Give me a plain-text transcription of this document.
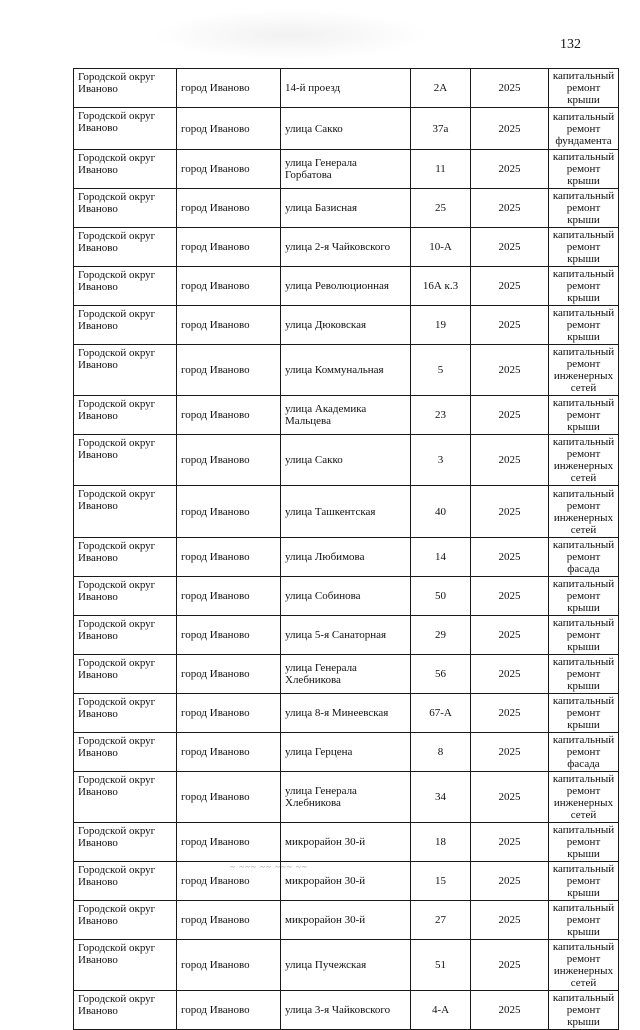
132
Городской округ Иваново	город Иваново	14-й проезд	2А	2025	капитальный ремонт крыши
Городской округ Иваново	город Иваново	улица Сакко	37а	2025	капитальный ремонт фундамента
Городской округ Иваново	город Иваново	улица Генерала Горбатова	11	2025	капитальный ремонт крыши
Городской округ Иваново	город Иваново	улица Базисная	25	2025	капитальный ремонт крыши
Городской округ Иваново	город Иваново	улица 2-я Чайковского	10-А	2025	капитальный ремонт крыши
Городской округ Иваново	город Иваново	улица Революционная	16А к.3	2025	капитальный ремонт крыши
Городской округ Иваново	город Иваново	улица Дюковская	19	2025	капитальный ремонт крыши
Городской округ Иваново	город Иваново	улица Коммунальная	5	2025	капитальный ремонт инженерных сетей
Городской округ Иваново	город Иваново	улица Академика Мальцева	23	2025	капитальный ремонт крыши
Городской округ Иваново	город Иваново	улица Сакко	3	2025	капитальный ремонт инженерных сетей
Городской округ Иваново	город Иваново	улица Ташкентская	40	2025	капитальный ремонт инженерных сетей
Городской округ Иваново	город Иваново	улица Любимова	14	2025	капитальный ремонт фасада
Городской округ Иваново	город Иваново	улица Собинова	50	2025	капитальный ремонт крыши
Городской округ Иваново	город Иваново	улица 5-я Санаторная	29	2025	капитальный ремонт крыши
Городской округ Иваново	город Иваново	улица Генерала Хлебникова	56	2025	капитальный ремонт крыши
Городской округ Иваново	город Иваново	улица 8-я Минеевская	67-А	2025	капитальный ремонт крыши
Городской округ Иваново	город Иваново	улица Герцена	8	2025	капитальный ремонт фасада
Городской округ Иваново	город Иваново	улица Генерала Хлебникова	34	2025	капитальный ремонт инженерных сетей
Городской округ Иваново	город Иваново	микрорайон 30-й	18	2025	капитальный ремонт крыши
Городской округ Иваново	город Иваново	микрорайон 30-й	15	2025	капитальный ремонт крыши
Городской округ Иваново	город Иваново	микрорайон 30-й	27	2025	капитальный ремонт крыши
Городской округ Иваново	город Иваново	улица Пучежская	51	2025	капитальный ремонт инженерных сетей
Городской округ Иваново	город Иваново	улица 3-я Чайковского	4-А	2025	капитальный ремонт крыши
~ ~~~ ~~ ~~~ ~~
